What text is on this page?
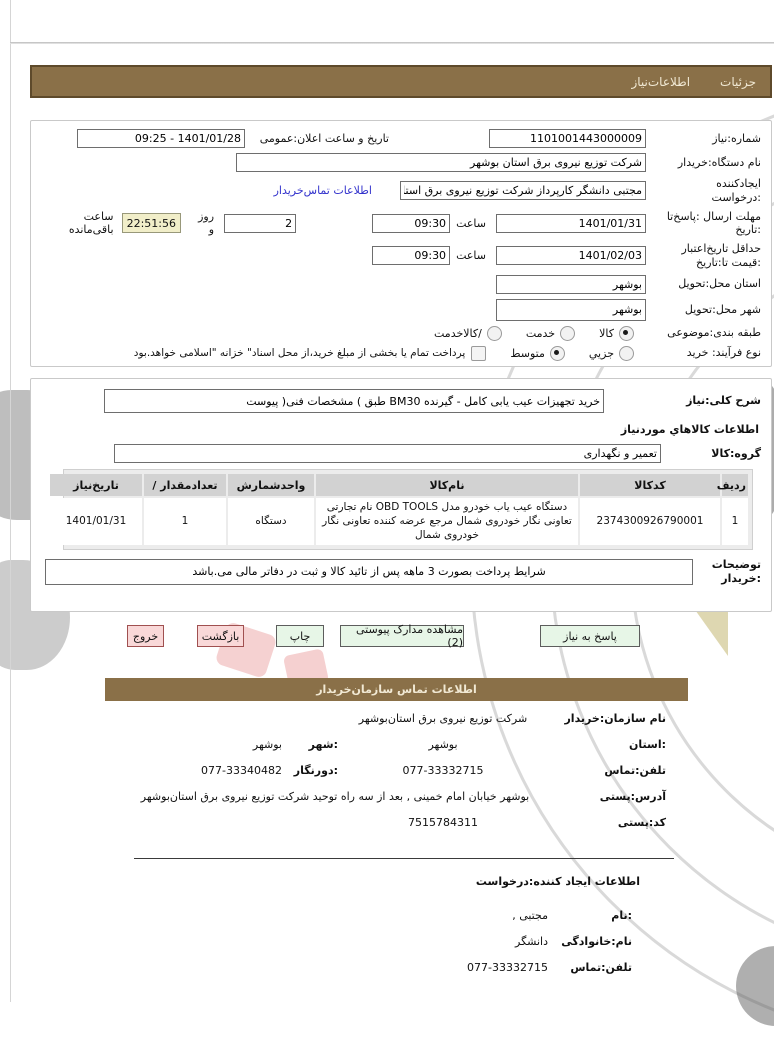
جزئیات
اطلاعات‌نیاز
شماره:نیاز
1101001443000009
تاریخ و ساعت اعلان:عمومی
09:25 - 1401/01/28
نام دستگاه:خریدار
شرکت توزیع نیروی برق استان بوشهر
ایجادکننده
:درخواست
مجتبی دانشگر کارپرداز شرکت توزیع نیروی برق استان بوشهر
اطلاعات تماس‌خریدار
مهلت ارسال :پاسخ‌تا
:تاریخ
1401/01/31
ساعت
09:30
2
روز و
22:51:56
ساعت باقی‌مانده
حداقل تاریخ‌اعتبار
:قیمت تا:تاریخ
1401/02/03
ساعت
09:30
استان محل:تحویل
بوشهر
شهر محل:تحویل
بوشهر
طبقه بندی:موضوعی
کالا
خدمت
/کالاخدمت
نوع فرآیند: خرید
جزیي
متوسط
پرداخت تمام یا بخشی از مبلغ خرید،از محل اسناد" خزانه "اسلامی خواهد.بود
شرح کلی:نیاز
خرید تجهیزات عیب یابی کامل - گیرنده BM30 طبق ) مشخصات فنی( پیوست
اطلاعات کالاهاي موردنیاز
گروه:کالا
تعمیر و نگهداری
ردیف	کدکالا	نام‌کالا	واحدشمارش	تعدادمقدار /	تاریخ‌نیاز
1	2374300926790001	دستگاه عیب یاب خودرو مدل OBD TOOLS نام تجارتی تعاونی نگار خودروی شمال مرجع عرضه کننده تعاونی نگار خودروی شمال	دستگاه	1	1401/01/31
توضیحات
:خریدار
شرایط پرداخت بصورت 3 ماهه پس از تائید کالا و ثبت در دفاتر مالی می.باشد
پاسخ به نیاز
مشاهده مدارک پیوستی (2)
چاپ
بازگشت
خروج
اطلاعات تماس سازمان‌خریدار
نام سازمان:خریدار
شرکت توزیع نیروی برق استان‌بوشهر
:استان
بوشهر
:شهر
بوشهر
تلفن:تماس
077-33332715
:دورنگار
077-33340482
آدرس:پستی
بوشهر خیابان امام خمینی , بعد از سه راه توحید شرکت توزیع نیروی برق استان‌بوشهر
کد:پستی
7515784311
اطلاعات ایجاد کننده:درخواست
:نام
مجتبی ,
نام:خانوادگی
دانشگر
تلفن:تماس
077-33332715
